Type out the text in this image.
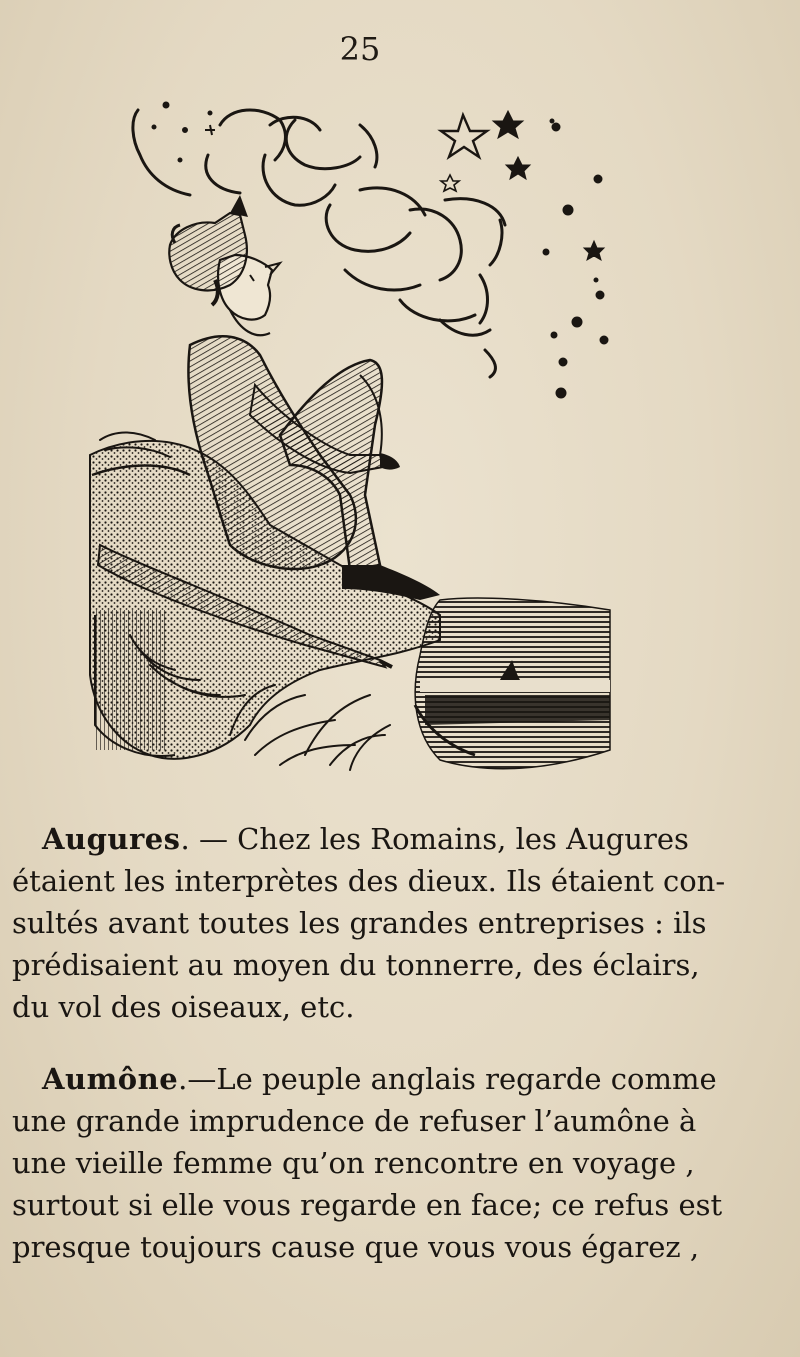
25
Augures. — Chez les Romains, les Augures
étaient les interprètes des dieux. Ils étaient con-
sultés avant toutes les grandes entreprises : ils
prédisaient au moyen du tonnerre, des éclairs,
du vol des oiseaux, etc.
Aumône.—Le peuple anglais regarde comme
une grande imprudence de refuser l’aumône à
une vieille femme qu’on rencontre en voyage ,
surtout si elle vous regarde en face; ce refus est
presque toujours cause que vous vous égarez ,
